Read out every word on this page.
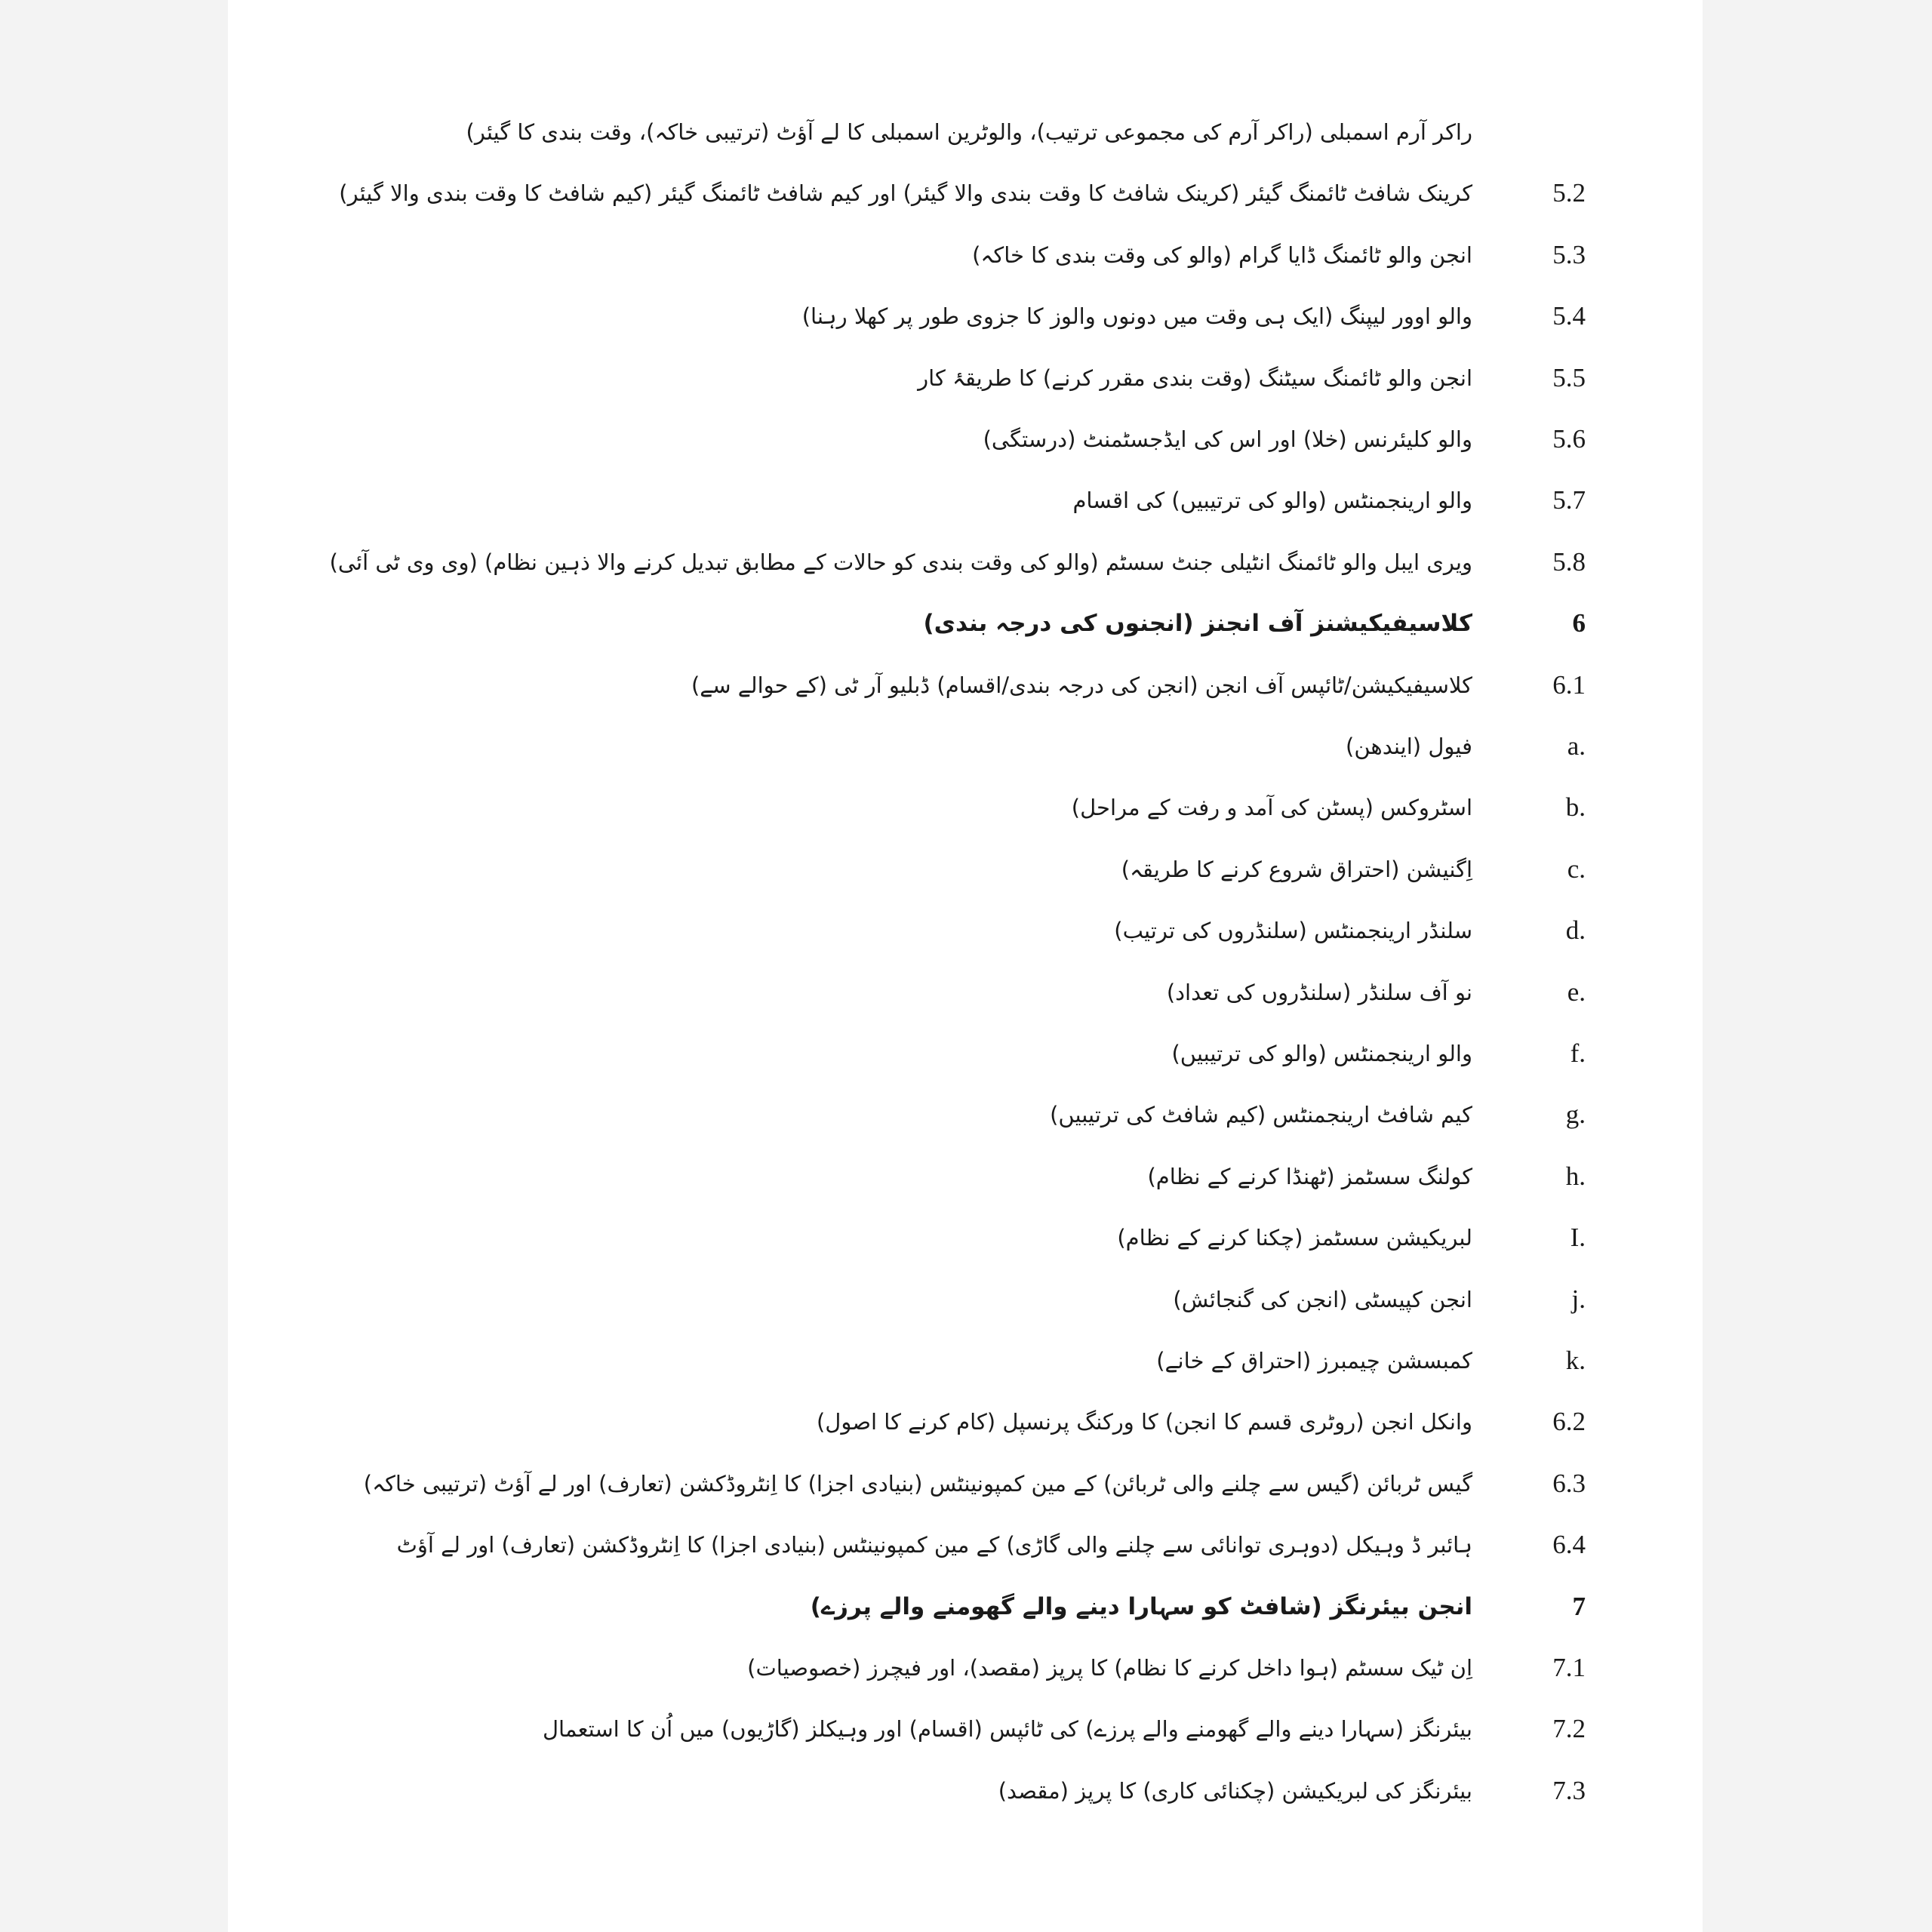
راکر آرم اسمبلی (راکر آرم کی مجموعی ترتیب)، والوٹرین اسمبلی کا لے آؤٹ (ترتیبی خاکہ)، وقت بندی کا گیئر)
5.2
کرینک شافٹ ٹائمنگ گیئر (کرینک شافٹ کا وقت بندی والا گیئر) اور کیم شافٹ ٹائمنگ گیئر (کیم شافٹ کا وقت بندی والا گیئر)
5.3
انجن والو ٹائمنگ ڈایا گرام (والو کی وقت بندی کا خاکہ)
5.4
والو اوور لیپنگ (ایک ہی وقت میں دونوں والوز کا جزوی طور پر کھلا رہنا)
5.5
انجن والو ٹائمنگ سیٹنگ (وقت بندی مقرر کرنے) کا طریقۂ کار
5.6
والو کلیئرنس (خلا) اور اس کی ایڈجسٹمنٹ (درستگی)
5.7
والو ارینجمنٹس (والو کی ترتیبیں) کی اقسام
5.8
ویری ایبل والو ٹائمنگ انٹیلی جنٹ سسٹم (والو کی وقت بندی کو حالات کے مطابق تبدیل کرنے والا ذہین نظام) (وی وی ٹی آئی)
6
کلاسیفیکیشنز آف انجنز (انجنوں کی درجہ بندی)
6.1
کلاسیفیکیشن/ٹائپس آف انجن (انجن کی درجہ بندی/اقسام) ڈبلیو آر ٹی (کے حوالے سے)
a.
فیول (ایندھن)
b.
اسٹروکس (پسٹن کی آمد و رفت کے مراحل)
c.
اِگنیشن (احتراق شروع کرنے کا طریقہ)
d.
سلنڈر ارینجمنٹس (سلنڈروں کی ترتیب)
e.
نو آف سلنڈر (سلنڈروں کی تعداد)
f.
والو ارینجمنٹس (والو کی ترتیبیں)
g.
کیم شافٹ ارینجمنٹس (کیم شافٹ کی ترتیبیں)
h.
کولنگ سسٹمز (ٹھنڈا کرنے کے نظام)
I.
لبریکیشن سسٹمز (چکنا کرنے کے نظام)
j.
انجن کپیسٹی (انجن کی گنجائش)
k.
کمبسشن چیمبرز (احتراق کے خانے)
6.2
وانکل انجن (روٹری قسم کا انجن) کا ورکنگ پرنسپل (کام کرنے کا اصول)
6.3
گیس ٹربائن (گیس سے چلنے والی ٹربائن) کے مین کمپونینٹس (بنیادی اجزا) کا اِنٹروڈکشن (تعارف) اور لے آؤٹ (ترتیبی خاکہ)
6.4
ہائبر ڈ وہیکل (دوہری توانائی سے چلنے والی گاڑی) کے مین کمپونینٹس (بنیادی اجزا) کا اِنٹروڈکشن (تعارف) اور لے آؤٹ
7
انجن بیئرنگز (شافٹ کو سہارا دینے والے گھومنے والے پرزے)
7.1
اِن ٹیک سسٹم (ہوا داخل کرنے کا نظام) کا پرپز (مقصد)، اور فیچرز (خصوصیات)
7.2
بیئرنگز (سہارا دینے والے گھومنے والے پرزے) کی ٹائپس (اقسام) اور وہیکلز (گاڑیوں) میں اُن کا استعمال
7.3
بیئرنگز کی لبریکیشن (چکنائی کاری) کا پرپز (مقصد)
